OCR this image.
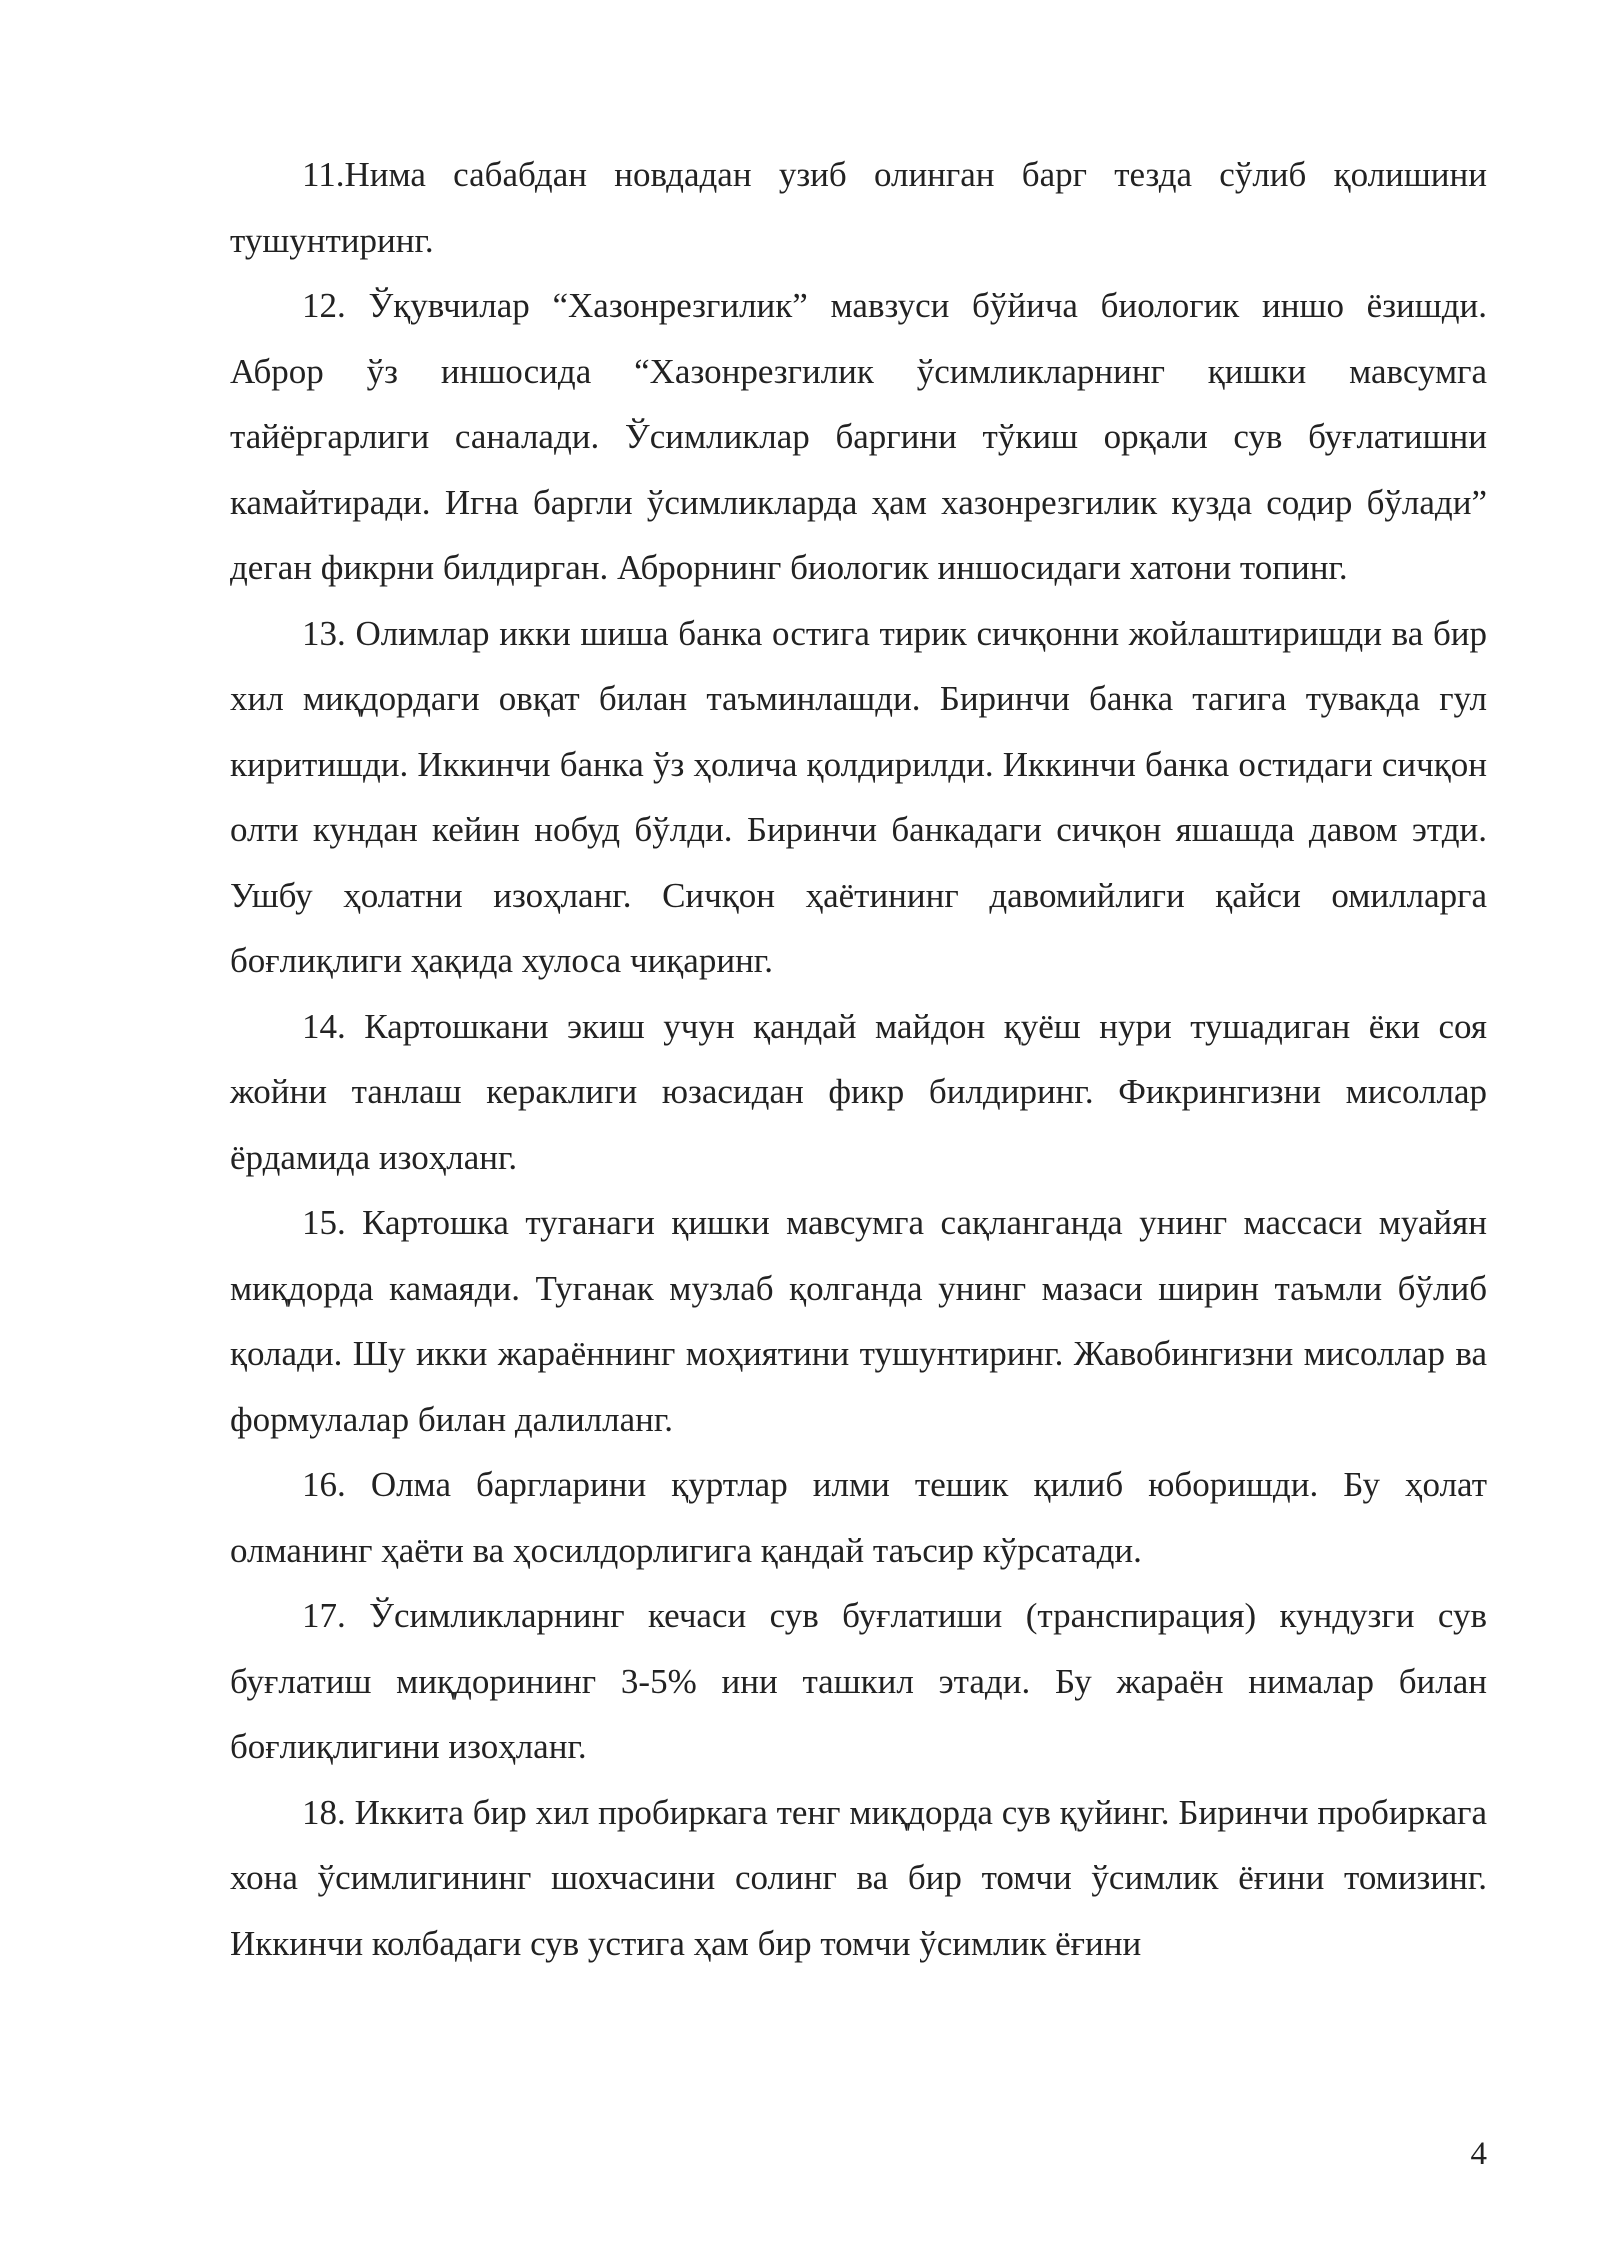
11.Нима сабабдан новдадан узиб олинган барг тезда сўлиб қолишини тушунтиринг.

12. Ўқувчилар “Хазонрезгилик” мавзуси бўйича биологик иншо ёзишди. Аброр ўз иншосида “Хазонрезгилик ўсимликларнинг қишки мавсумга тайёргарлиги саналади. Ўсимликлар баргини тўкиш орқали сув буғлатишни камайтиради. Игна баргли ўсимликларда ҳам хазонрезгилик кузда содир бўлади” деган фикрни билдирган. Аброрнинг биологик иншосидаги хатони топинг.

13. Олимлар икки шиша банка остига тирик сичқонни жойлаштиришди ва бир хил миқдордаги овқат билан таъминлашди. Биринчи банка тагига тувакда гул киритишди. Иккинчи банка ўз ҳолича қолдирилди. Иккинчи банка остидаги сичқон олти кундан кейин нобуд бўлди. Биринчи банкадаги сичқон яшашда давом этди. Ушбу ҳолатни изоҳланг. Сичқон ҳаётининг давомийлиги қайси омилларга боғлиқлиги ҳақида хулоса чиқаринг.

14. Картошкани экиш учун қандай майдон қуёш нури тушадиган ёки соя жойни танлаш кераклиги юзасидан фикр билдиринг. Фикрингизни мисоллар ёрдамида изоҳланг.

15. Картошка туганаги қишки мавсумга сақланганда унинг массаси муайян миқдорда камаяди. Туганак музлаб қолганда унинг мазаси ширин таъмли бўлиб қолади. Шу икки жараённинг моҳиятини тушунтиринг. Жавобингизни мисоллар ва формулалар билан далилланг.

16. Олма баргларини қуртлар илми тешик қилиб юборишди. Бу ҳолат олманинг ҳаёти ва ҳосилдорлигига қандай таъсир кўрсатади.

17. Ўсимликларнинг кечаси сув буғлатиши (транспирация) кундузги сув буғлатиш миқдорининг 3-5% ини ташкил этади. Бу жараён нималар билан боғлиқлигини изоҳланг.

18. Иккита бир хил пробиркага тенг миқдорда сув қуйинг. Биринчи пробиркага хона ўсимлигининг шохчасини солинг ва бир томчи ўсимлик ёғини томизинг. Иккинчи колбадаги сув устига ҳам бир томчи ўсимлик ёғини

4
